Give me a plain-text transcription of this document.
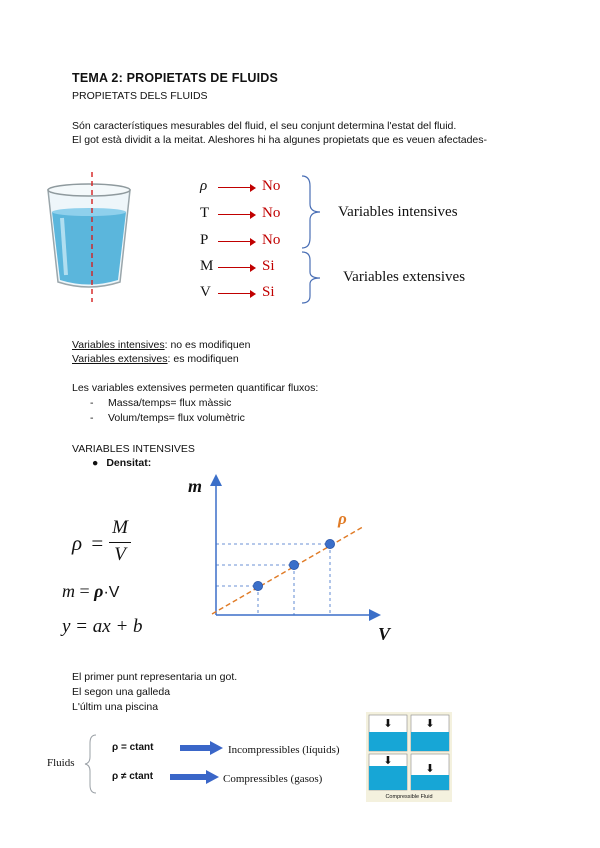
TEMA 2: PROPIETATS DE FLUIDS
PROPIETATS DELS FLUIDS
Són característiques mesurables del fluid, el seu conjunt determina l'estat del fluid.
El got està dividit a la meitat. Aleshores hi ha algunes propietats que es veuen afectades-
ρ	No
T	No
P	No
M	Si
V	Si
Variables intensives
Variables extensives
Variables intensives: no es modifiquen
Variables extensives: es modifiquen
Les variables extensives permeten quantificar fluxos:
- Massa/temps= flux màssic
- Volum/temps= flux volumètric
VARIABLES INTENSIVES
● Densitat:
ρ =
M
V
m = ρ·V
y = ax + b
ρ
m
V
El primer punt representaria un got.
El segon una galleda
L'últim una piscina
Fluids
ρ = ctant	Incompressibles (líquids)
ρ ≠ ctant	Compressibles (gasos)
⬇	⬇
⬇
⬇
Compressible Fluid
